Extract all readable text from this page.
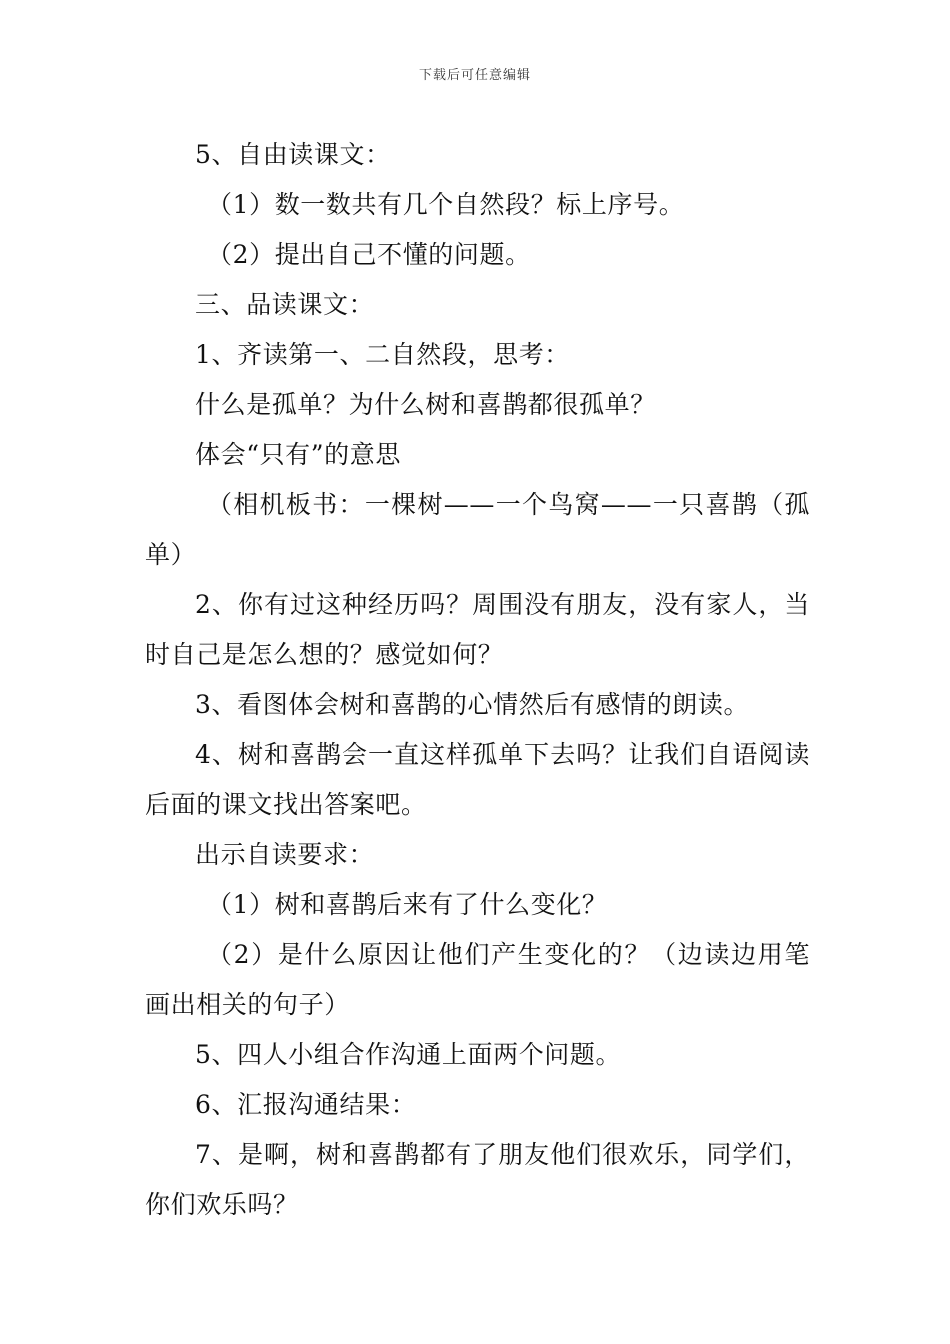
下载后可任意编辑
5、自由读课文：
（1）数一数共有几个自然段？标上序号。
（2）提出自己不懂的问题。
三、品读课文：
1、齐读第一、二自然段，思考：
什么是孤单？为什么树和喜鹊都很孤单？
体会“只有”的意思
（相机板书：一棵树——一个鸟窝——一只喜鹊（孤单）
2、你有过这种经历吗？周围没有朋友，没有家人，当时自己是怎么想的？感觉如何？
3、看图体会树和喜鹊的心情然后有感情的朗读。
4、树和喜鹊会一直这样孤单下去吗？让我们自语阅读后面的课文找出答案吧。
出示自读要求：
（1）树和喜鹊后来有了什么变化？
（2）是什么原因让他们产生变化的？（边读边用笔画出相关的句子）
5、四人小组合作沟通上面两个问题。
6、汇报沟通结果：
7、是啊，树和喜鹊都有了朋友他们很欢乐，同学们，你们欢乐吗？
